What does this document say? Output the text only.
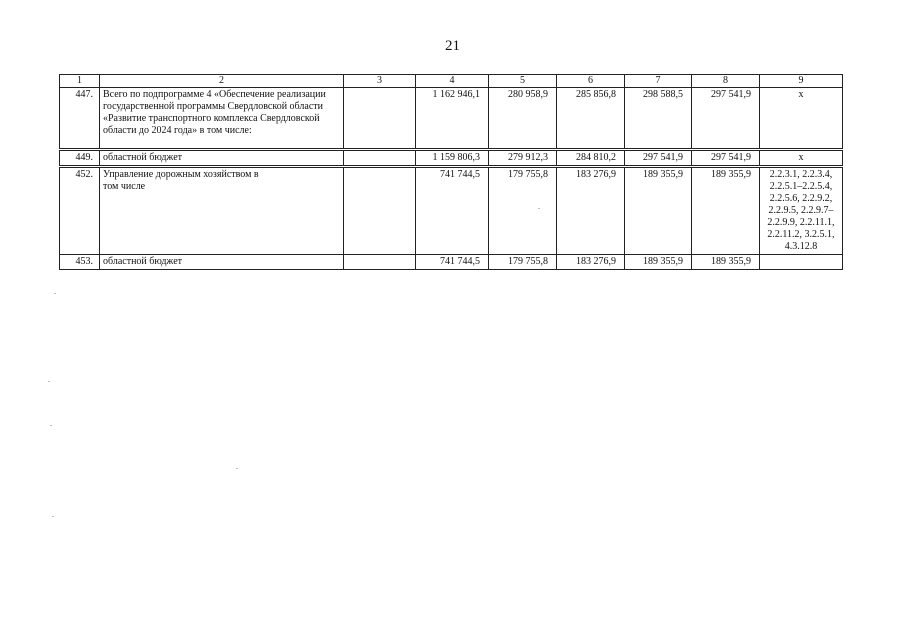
21
1	2	3	4	5	6	7	8	9
447.	Всего по подпрограмме 4 «Обеспечение реализации государственной программы Свердловской области «Развитие транспортного комплекса Свердловской области до 2024 года» в том числе:		1 162 946,1	280 958,9	285 856,8	298 588,5	297 541,9	х
449.	областной бюджет		1 159 806,3	279 912,3	284 810,2	297 541,9	297 541,9	х
452.	Управление дорожным хозяйством в том числе		741 744,5	179 755,8	183 276,9	189 355,9	189 355,9	2.2.3.1, 2.2.3.4, 2.2.5.1–2.2.5.4, 2.2.5.6, 2.2.9.2, 2.2.9.5, 2.2.9.7–2.2.9.9, 2.2.11.1, 2.2.11.2, 3.2.5.1, 4.3.12.8
453.	областной бюджет		741 744,5	179 755,8	183 276,9	189 355,9	189 355,9	
